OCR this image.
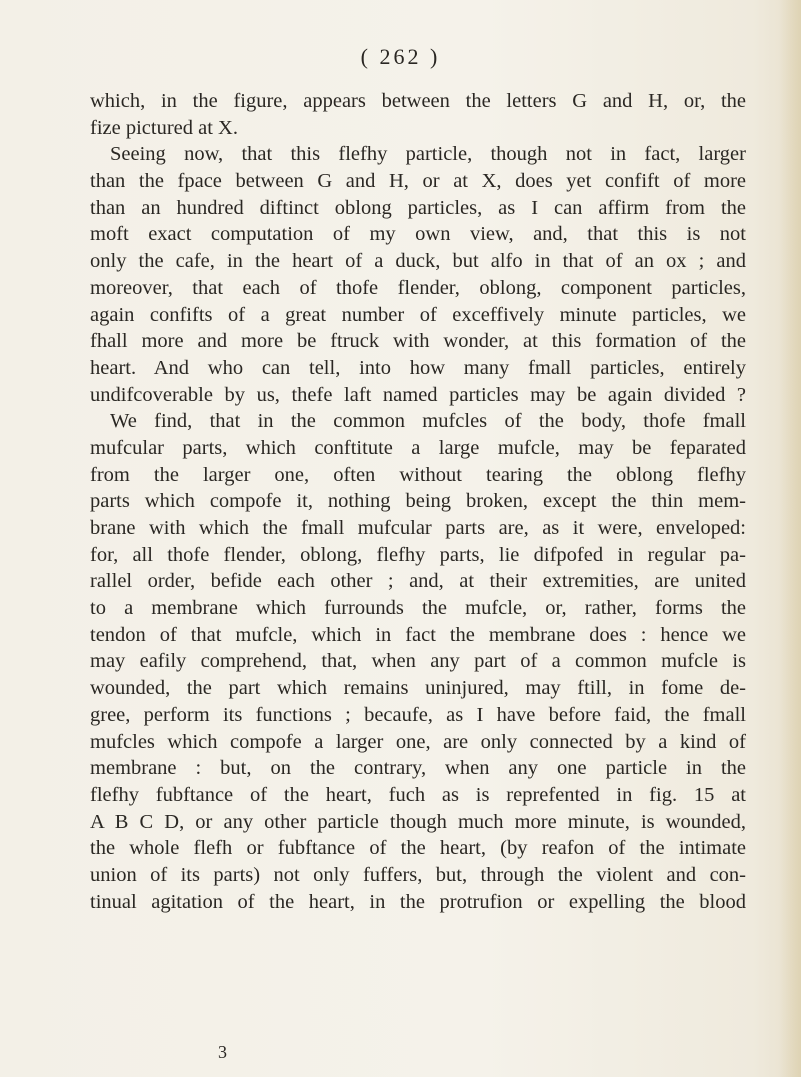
( 262 )
which, in the figure, appears between the letters G and H, or, the
fize pictured at X.
Seeing now, that this flefhy particle, though not in fact, larger
than the fpace between G and H, or at X, does yet confift of more
than an hundred diftinct oblong particles, as I can affirm from the
moft exact computation of my own view, and, that this is not
only the cafe, in the heart of a duck, but alfo in that of an ox ; and
moreover, that each of thofe flender, oblong, component particles,
again confifts of a great number of exceffively minute particles, we
fhall more and more be ftruck with wonder, at this formation of the
heart. And who can tell, into how many fmall particles, entirely
undifcoverable by us, thefe laft named particles may be again divided ?
We find, that in the common mufcles of the body, thofe fmall
mufcular parts, which conftitute a large mufcle, may be feparated
from the larger one, often without tearing the oblong flefhy
parts which compofe it, nothing being broken, except the thin mem-
brane with which the fmall mufcular parts are, as it were, enveloped:
for, all thofe flender, oblong, flefhy parts, lie difpofed in regular pa-
rallel order, befide each other ; and, at their extremities, are united
to a membrane which furrounds the mufcle, or, rather, forms the
tendon of that mufcle, which in fact the membrane does : hence we
may eafily comprehend, that, when any part of a common mufcle is
wounded, the part which remains uninjured, may ftill, in fome de-
gree, perform its functions ; becaufe, as I have before faid, the fmall
mufcles which compofe a larger one, are only connected by a kind of
membrane : but, on the contrary, when any one particle in the
flefhy fubftance of the heart, fuch as is reprefented in fig. 15 at
A B C D, or any other particle though much more minute, is wounded,
the whole flefh or fubftance of the heart, (by reafon of the intimate
union of its parts) not only fuffers, but, through the violent and con-
tinual agitation of the heart, in the protrufion or expelling the blood
3
